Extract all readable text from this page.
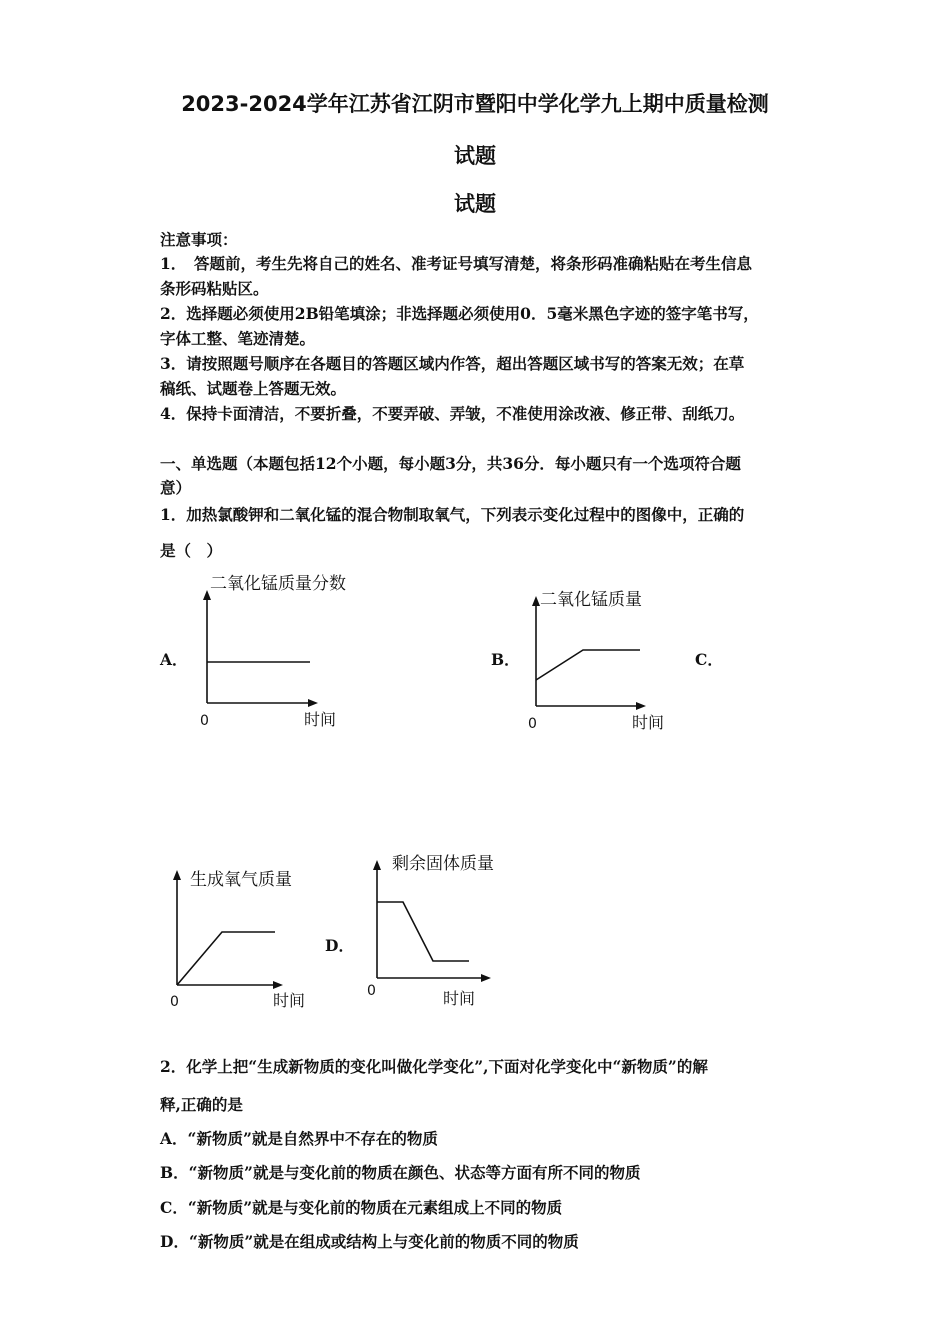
2023-2024学年江苏省江阴市暨阳中学化学九上期中质量检测
试题
试题
注意事项：
1．　答题前，考生先将自己的姓名、准考证号填写清楚，将条形码准确粘贴在考生信息
条形码粘贴区。
2．选择题必须使用2B铅笔填涂；非选择题必须使用0．5毫米黑色字迹的签字笔书写，
字体工整、笔迹清楚。
3．请按照题号顺序在各题目的答题区域内作答，超出答题区域书写的答案无效；在草
稿纸、试题卷上答题无效。
4．保持卡面清洁，不要折叠，不要弄破、弄皱，不准使用涂改液、修正带、刮纸刀。
一、单选题（本题包括12个小题，每小题3分，共36分．每小题只有一个选项符合题
意）
1．加热氯酸钾和二氧化锰的混合物制取氧气，下列表示变化过程中的图像中，正确的
是（　）
A．
二氧化锰质量分数
0	时间
二氧化锰质量
0	时间
生成氧气质量
0	时间
剩余固体质量
0	时间
B．	C．
D．
2．化学上把“生成新物质的变化叫做化学变化”,下面对化学变化中“新物质”的解
释,正确的是
A．“新物质”就是自然界中不存在的物质
B．“新物质”就是与变化前的物质在颜色、状态等方面有所不同的物质
C．“新物质”就是与变化前的物质在元素组成上不同的物质
D．“新物质”就是在组成或结构上与变化前的物质不同的物质
